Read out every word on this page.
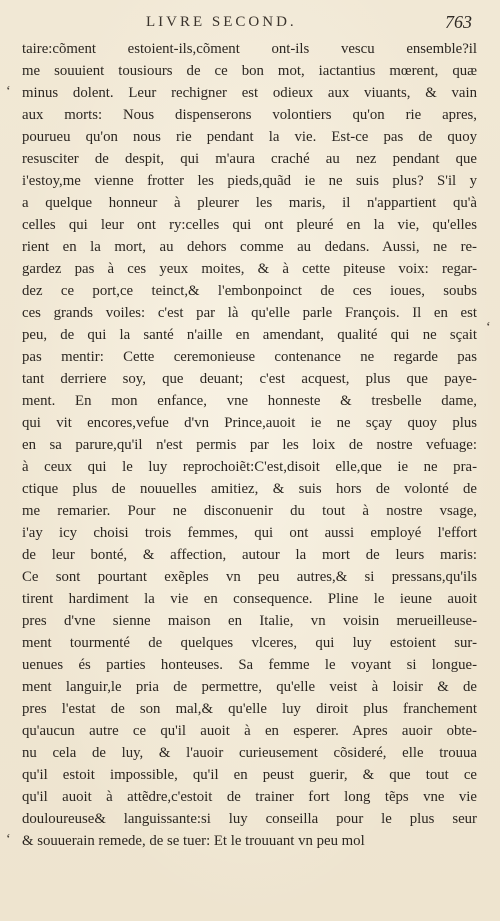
LIVRE SECOND.	763
ʻ
ʻ
ʻ
taire:cõment estoient-ils,cõment ont-ils vescu ensemble?il
me souuient tousiours de ce bon mot, iactantius mœrent, quæ
minus dolent. Leur rechigner est odieux aux viuants, & vain
aux morts: Nous dispenserons volontiers qu'on rie apres,
pourueu qu'on nous rie pendant la vie. Est-ce pas de quoy
resusciter de despit, qui m'aura craché au nez pendant que
i'estoy,me vienne frotter les pieds,quãd ie ne suis plus? S'il y
a quelque honneur à pleurer les maris, il n'appartient qu'à
celles qui leur ont ry:celles qui ont pleuré en la vie, qu'elles
rient en la mort, au dehors comme au dedans. Aussi, ne re-
gardez pas à ces yeux moites, & à cette piteuse voix: regar-
dez ce port,ce teinct,& l'embonpoinct de ces ioues, soubs
ces grands voiles: c'est par là qu'elle parle François. Il en est
peu, de qui la santé n'aille en amendant, qualité qui ne sçait
pas mentir: Cette ceremonieuse contenance ne regarde pas
tant derriere soy, que deuant; c'est acquest, plus que paye-
ment. En mon enfance, vne honneste & tresbelle dame,
qui vit encores,vefue d'vn Prince,auoit ie ne sçay quoy plus
en sa parure,qu'il n'est permis par les loix de nostre vefuage:
à ceux qui le luy reprochoiẽt:C'est,disoit elle,que ie ne pra-
ctique plus de nouuelles amitiez, & suis hors de volonté de
me remarier. Pour ne disconuenir du tout à nostre vsage,
i'ay icy choisi trois femmes, qui ont aussi employé l'effort
de leur bonté, & affection, autour la mort de leurs maris:
Ce sont pourtant exẽples vn peu autres,& si pressans,qu'ils
tirent hardiment la vie en consequence. Pline le ieune auoit
pres d'vne sienne maison en Italie, vn voisin merueilleuse-
ment tourmenté de quelques vlceres, qui luy estoient sur-
uenues és parties honteuses. Sa femme le voyant si longue-
ment languir,le pria de permettre, qu'elle veist à loisir & de
pres l'estat de son mal,& qu'elle luy diroit plus franchement
qu'aucun autre ce qu'il auoit à en esperer. Apres auoir obte-
nu cela de luy, & l'auoir curieusement cõsideré, elle trouua
qu'il estoit impossible, qu'il en peust guerir, & que tout ce
qu'il auoit à attẽdre,c'estoit de trainer fort long tẽps vne vie
douloureuse& languissante:si luy conseilla pour le plus seur
& souuerain remede, de se tuer: Et le trouuant vn peu mol
